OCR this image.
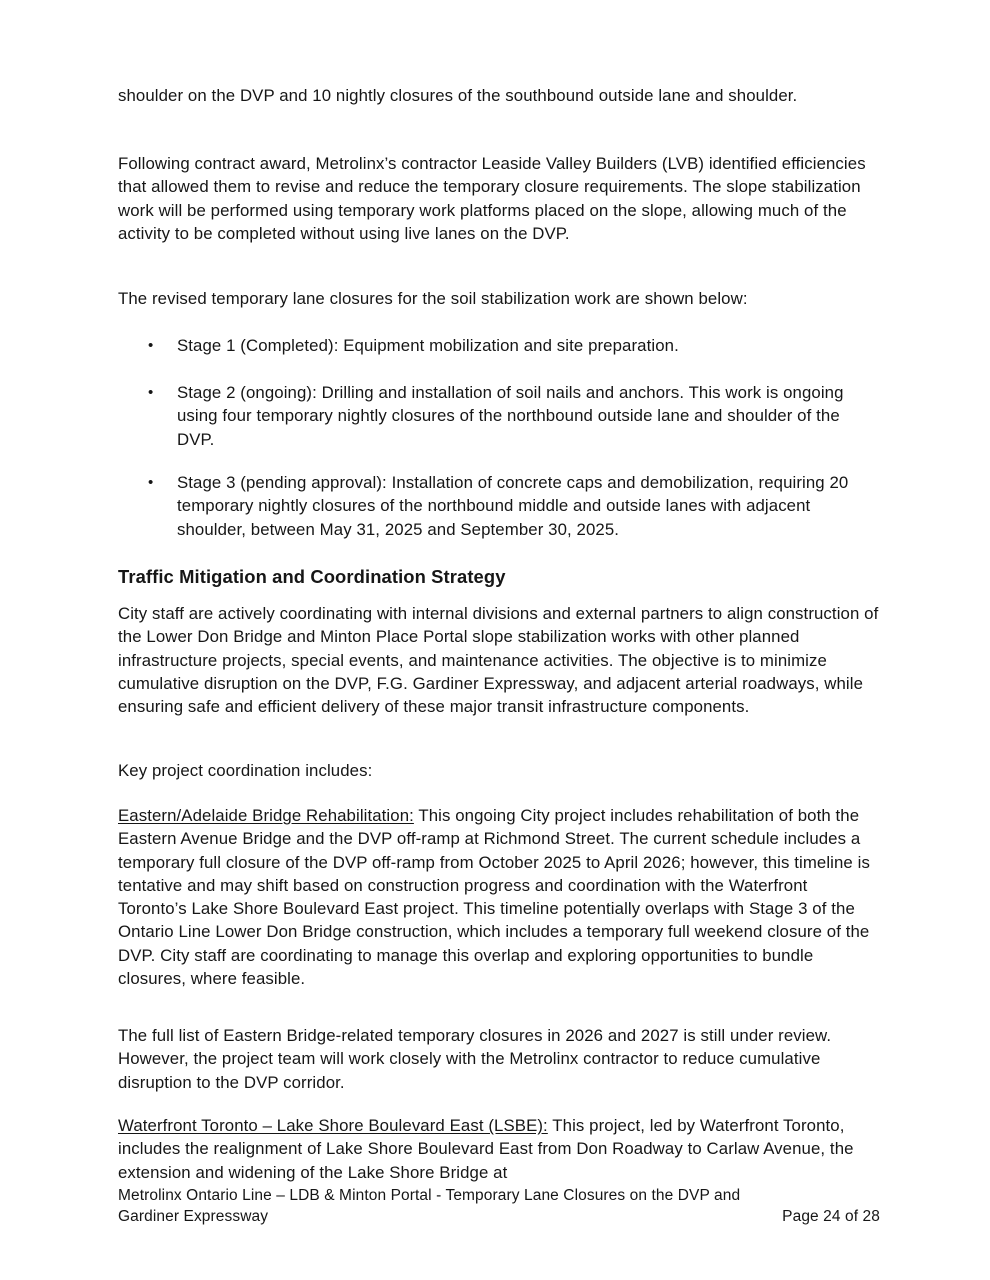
shoulder on the DVP and 10 nightly closures of the southbound outside lane and shoulder.
Following contract award, Metrolinx’s contractor Leaside Valley Builders (LVB) identified efficiencies that allowed them to revise and reduce the temporary closure requirements. The slope stabilization work will be performed using temporary work platforms placed on the slope, allowing much of the activity to be completed without using live lanes on the DVP.
The revised temporary lane closures for the soil stabilization work are shown below:
•	Stage 1 (Completed): Equipment mobilization and site preparation.
•	Stage 2 (ongoing): Drilling and installation of soil nails and anchors. This work is ongoing using four temporary nightly closures of the northbound outside lane and shoulder of the DVP.
•	Stage 3 (pending approval): Installation of concrete caps and demobilization, requiring 20 temporary nightly closures of the northbound middle and outside lanes with adjacent shoulder, between May 31, 2025 and September 30, 2025.
Traffic Mitigation and Coordination Strategy
City staff are actively coordinating with internal divisions and external partners to align construction of the Lower Don Bridge and Minton Place Portal slope stabilization works with other planned infrastructure projects, special events, and maintenance activities. The objective is to minimize cumulative disruption on the DVP, F.G. Gardiner Expressway, and adjacent arterial roadways, while ensuring safe and efficient delivery of these major transit infrastructure components.
Key project coordination includes:
Eastern/Adelaide Bridge Rehabilitation: This ongoing City project includes rehabilitation of both the Eastern Avenue Bridge and the DVP off-ramp at Richmond Street. The current schedule includes a temporary full closure of the DVP off-ramp from October 2025 to April 2026; however, this timeline is tentative and may shift based on construction progress and coordination with the Waterfront Toronto’s Lake Shore Boulevard East project. This timeline potentially overlaps with Stage 3 of the Ontario Line Lower Don Bridge construction, which includes a temporary full weekend closure of the DVP. City staff are coordinating to manage this overlap and exploring opportunities to bundle closures, where feasible.
The full list of Eastern Bridge-related temporary closures in 2026 and 2027 is still under review. However, the project team will work closely with the Metrolinx contractor to reduce cumulative disruption to the DVP corridor.
Waterfront Toronto – Lake Shore Boulevard East (LSBE): This project, led by Waterfront Toronto, includes the realignment of Lake Shore Boulevard East from Don Roadway to Carlaw Avenue, the extension and widening of the Lake Shore Bridge at
Metrolinx Ontario Line – LDB & Minton Portal - Temporary Lane Closures on the DVP and Gardiner Expressway	Page 24 of 28
